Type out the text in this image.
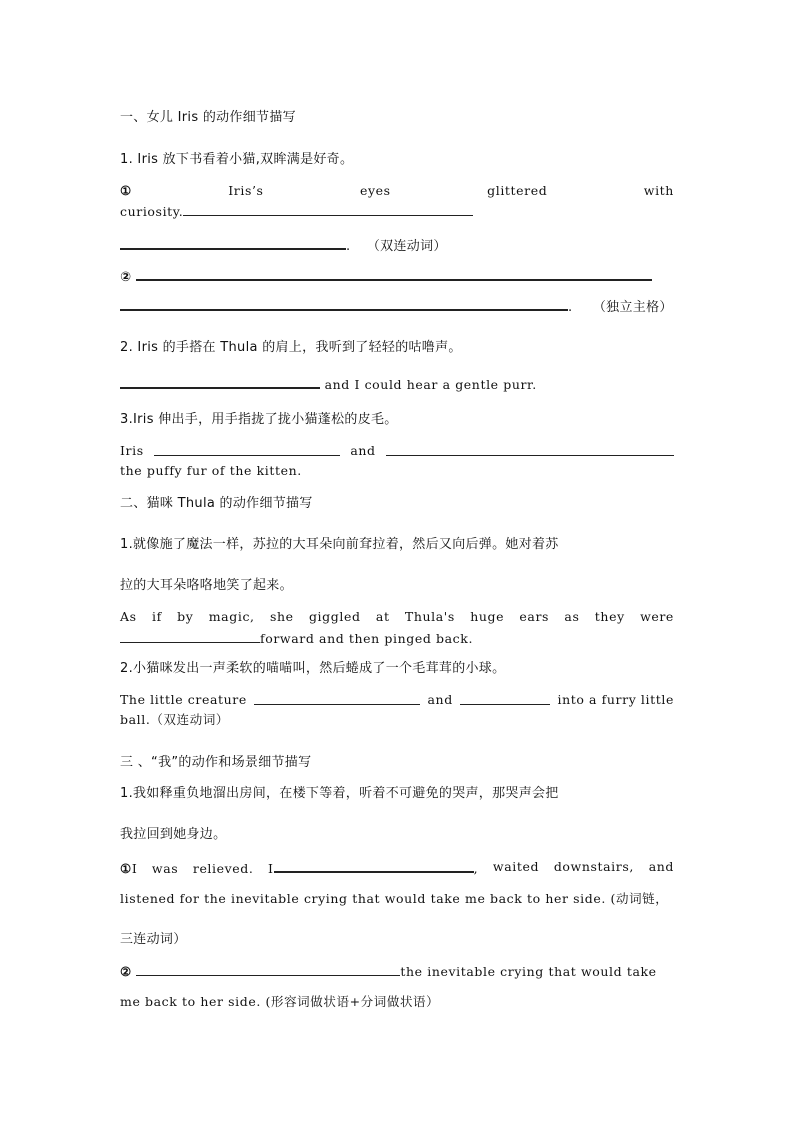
一、女儿 Iris 的动作细节描写
1. Iris 放下书看着小猫,双眸满是好奇。
①	Iris’s	eyes	glittered	with
curiosity.
. （双连动词）
②
. （独立主格）
2. Iris 的手搭在 Thula 的肩上，我听到了轻轻的咕噜声。
and I could hear a gentle purr.
3.Iris 伸出手，用手指拢了拢小猫蓬松的皮毛。
Iris	and
the puffy fur of the kitten.
二、猫咪 Thula 的动作细节描写
1.就像施了魔法一样，苏拉的大耳朵向前耷拉着，然后又向后弹。她对着苏
拉的大耳朵咯咯地笑了起来。
As if by magic, she giggled at Thula's huge ears as they were
forward and then pinged back.
2.小猫咪发出一声柔软的喵喵叫，然后蜷成了一个毛茸茸的小球。
The little creature	and	into a furry little
ball.（双连动词）
三 、“我”的动作和场景细节描写
1.我如释重负地溜出房间，在楼下等着，听着不可避免的哭声，那哭声会把
我拉回到她身边。
①I was relieved. I	, waited downstairs, and
listened for the inevitable crying that would take me back to her side. (动词链，
三连动词）
②	the inevitable crying that would take
me back to her side. (形容词做状语+分词做状语）
